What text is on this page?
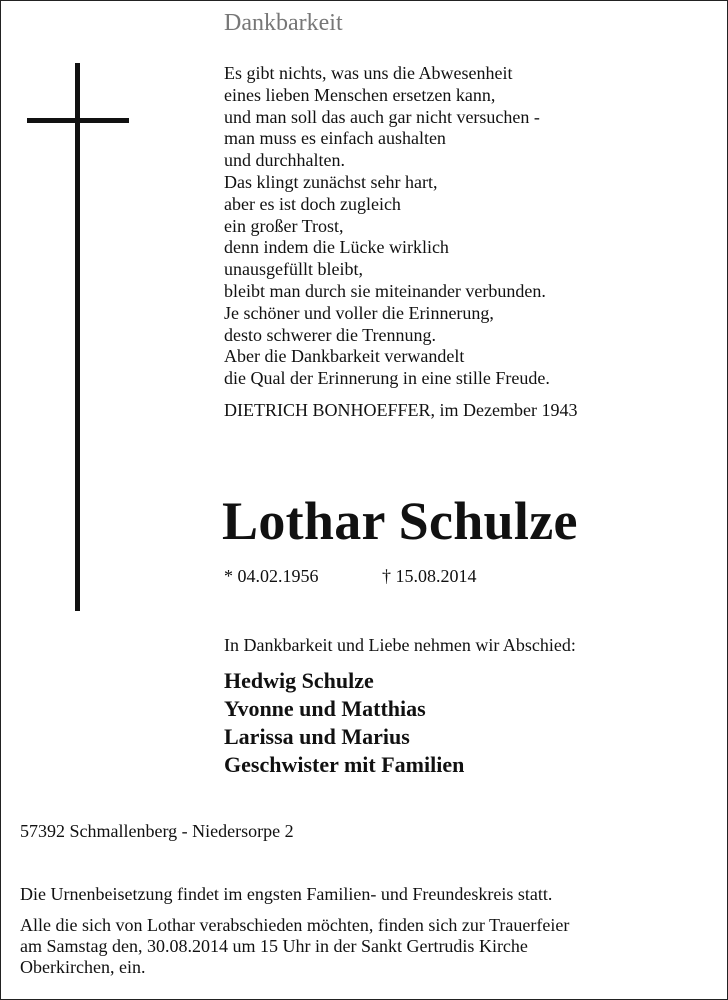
Dankbarkeit
Es gibt nichts, was uns die Abwesenheit
eines lieben Menschen ersetzen kann,
und man soll das auch gar nicht versuchen -
man muss es einfach aushalten
und durchhalten.
Das klingt zunächst sehr hart,
aber es ist doch zugleich
ein großer Trost,
denn indem die Lücke wirklich
unausgefüllt bleibt,
bleibt man durch sie miteinander verbunden.
Je schöner und voller die Erinnerung,
desto schwerer die Trennung.
Aber die Dankbarkeit verwandelt
die Qual der Erinnerung in eine stille Freude.
DIETRICH BONHOEFFER, im Dezember 1943
Lothar Schulze
* 04.02.1956	† 15.08.2014
In Dankbarkeit und Liebe nehmen wir Abschied:
Hedwig Schulze
Yvonne und Matthias
Larissa und Marius
Geschwister mit Familien
57392 Schmallenberg - Niedersorpe 2
Die Urnenbeisetzung findet im engsten Familien- und Freundeskreis statt.
Alle die sich von Lothar verabschieden möchten, finden sich zur Trauerfeier
am Samstag den, 30.08.2014 um 15 Uhr in der Sankt Gertrudis Kirche
Oberkirchen, ein.
